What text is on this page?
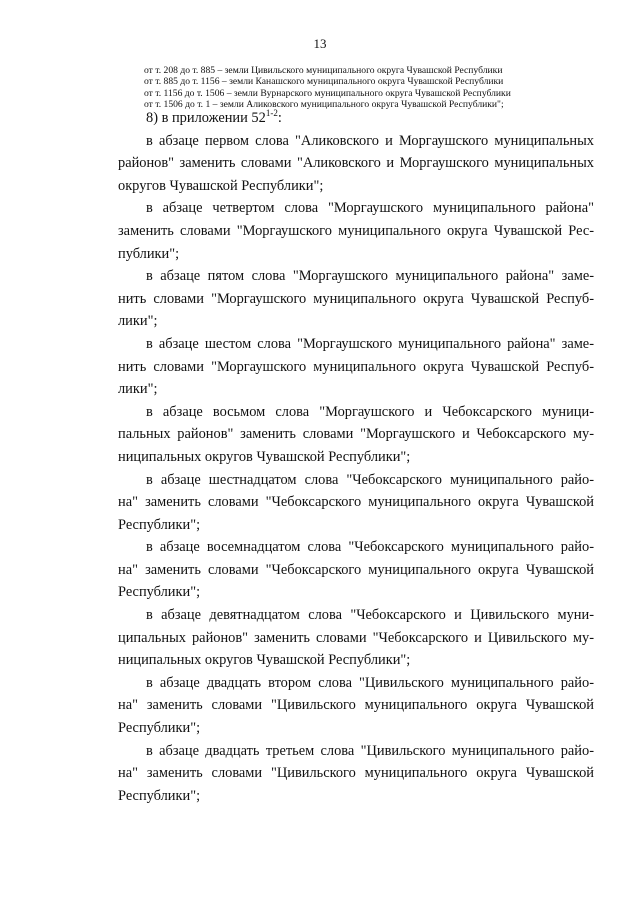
13
от т. 208 до т. 885 – земли Цивильского муниципального округа Чувашской Республики
от т. 885 до т. 1156 – земли Канашского муниципального округа Чувашской Республики
от т. 1156 до т. 1506 – земли Вурнарского муниципального округа Чувашской Республики
от т. 1506 до т. 1 – земли Аликовского муниципального округа Чувашской Республики";

8) в приложении 52$^{1-2}$:

в абзаце первом слова "Аликовского и Моргаушского муниципальных
районов" заменить словами "Аликовского и Моргаушского муниципальных
округов Чувашской Республики";

в абзаце четвертом слова "Моргаушского муниципального района"
заменить словами "Моргаушского муниципального округа Чувашской Рес-
публики";

в абзаце пятом слова "Моргаушского муниципального района" заме-
нить словами "Моргаушского муниципального округа Чувашской Респуб-
лики";

в абзаце шестом слова "Моргаушского муниципального района" заме-
нить словами "Моргаушского муниципального округа Чувашской Респуб-
лики";

в абзаце восьмом слова "Моргаушского и Чебоксарского муници-
пальных районов" заменить словами "Моргаушского и Чебоксарского му-
ниципальных округов Чувашской Республики";

в абзаце шестнадцатом слова "Чебоксарского муниципального райо-
на" заменить словами "Чебоксарского муниципального округа Чувашской
Республики";

в абзаце восемнадцатом слова "Чебоксарского муниципального райо-
на" заменить словами "Чебоксарского муниципального округа Чувашской
Республики";

в абзаце девятнадцатом слова "Чебоксарского и Цивильского муни-
ципальных районов" заменить словами "Чебоксарского и Цивильского му-
ниципальных округов Чувашской Республики";

в абзаце двадцать втором слова "Цивильского муниципального райо-
на" заменить словами "Цивильского муниципального округа Чувашской
Республики";

в абзаце двадцать третьем слова "Цивильского муниципального райо-
на" заменить словами "Цивильского муниципального округа Чувашской
Республики";
